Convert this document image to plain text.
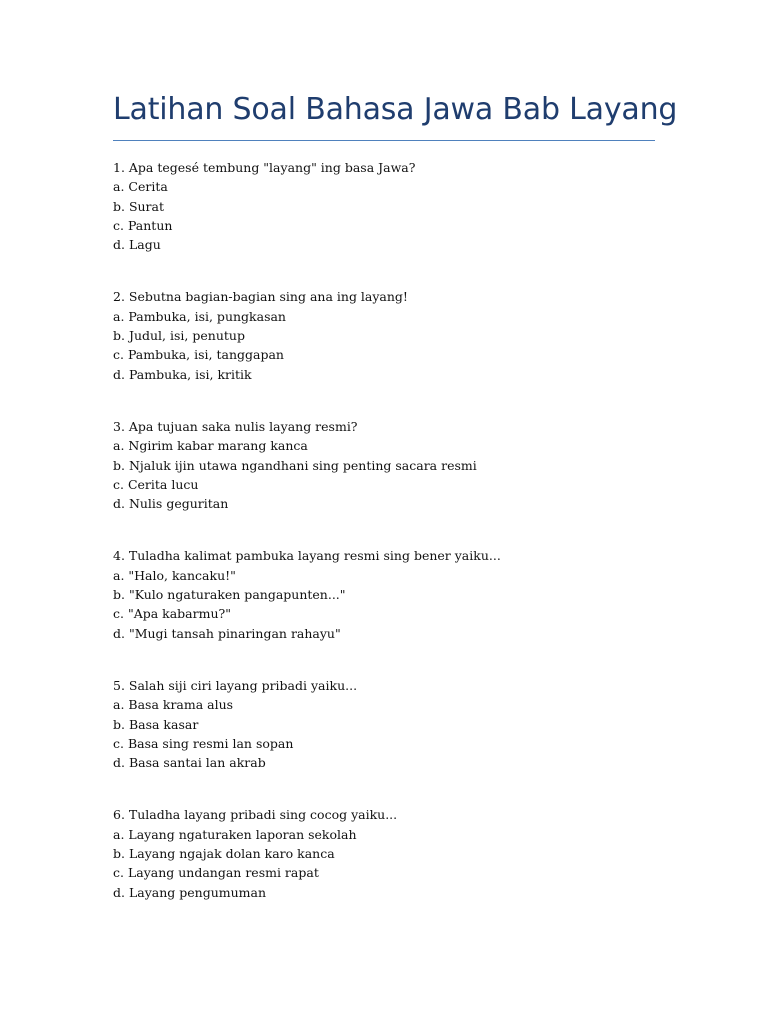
Latihan Soal Bahasa Jawa Bab Layang
1. Apa tegesé tembung "layang" ing basa Jawa?
a. Cerita
b. Surat
c. Pantun
d. Lagu
2. Sebutna bagian-bagian sing ana ing layang!
a. Pambuka, isi, pungkasan
b. Judul, isi, penutup
c. Pambuka, isi, tanggapan
d. Pambuka, isi, kritik
3. Apa tujuan saka nulis layang resmi?
a. Ngirim kabar marang kanca
b. Njaluk ijin utawa ngandhani sing penting sacara resmi
c. Cerita lucu
d. Nulis geguritan
4. Tuladha kalimat pambuka layang resmi sing bener yaiku...
a. "Halo, kancaku!"
b. "Kulo ngaturaken pangapunten..."
c. "Apa kabarmu?"
d. "Mugi tansah pinaringan rahayu"
5. Salah siji ciri layang pribadi yaiku...
a. Basa krama alus
b. Basa kasar
c. Basa sing resmi lan sopan
d. Basa santai lan akrab
6. Tuladha layang pribadi sing cocog yaiku...
a. Layang ngaturaken laporan sekolah
b. Layang ngajak dolan karo kanca
c. Layang undangan resmi rapat
d. Layang pengumuman
